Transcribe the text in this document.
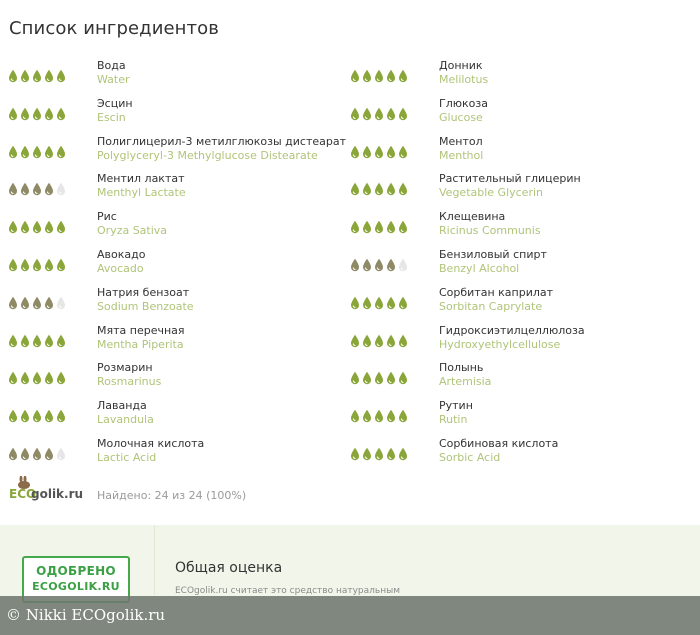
Список ингредиентов
Вода
Water
Эсцин
Escin
Полиглицерил-3 метилглюкозы дистеарат
Polyglyceryl-3 Methylglucose Distearate
Ментил лактат
Menthyl Lactate
Рис
Oryza Sativa
Авокадо
Avocado
Натрия бензоат
Sodium Benzoate
Мята перечная
Mentha Piperita
Розмарин
Rosmarinus
Лаванда
Lavandula
Молочная кислота
Lactic Acid
Донник
Melilotus
Глюкоза
Glucose
Ментол
Menthol
Растительный глицерин
Vegetable Glycerin
Клещевина
Ricinus Communis
Бензиловый спирт
Benzyl Alcohol
Сорбитан каприлат
Sorbitan Caprylate
Гидроксиэтилцеллюлоза
Hydroxyethylcellulose
Полынь
Artemisia
Рутин
Rutin
Сорбиновая кислота
Sorbic Acid
ECO
golik.ru Найдено: 24 из 24 (100%)
ОДОБРЕНО
ECOGOLIK.RU
Общая оценка
ECOgolik.ru считает это средство натуральным
© Nikki ECOgolik.ru
